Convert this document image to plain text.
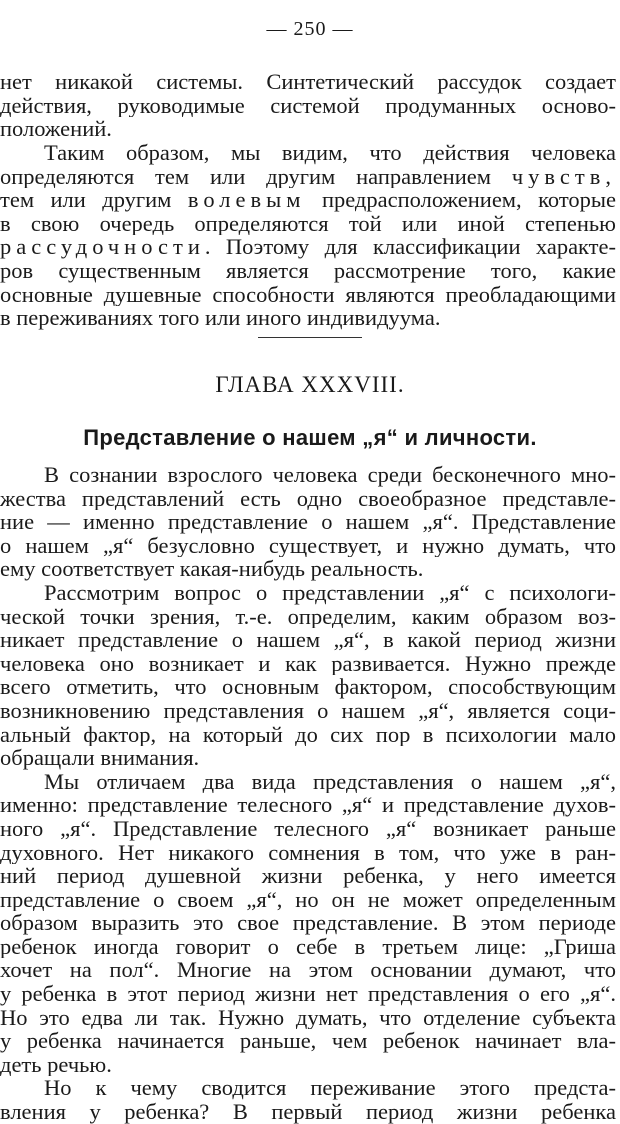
— 250 —
нет никакой системы. Синтетический рассудок создает
действия, руководимые системой продуманных осново-
положений.
Таким образом, мы видим, что действия человека
определяются тем или другим направлением чувств,
тем или другим волевым предрасположением, которые
в свою очередь определяются той или иной степенью
рассудочности. Поэтому для классификации характе-
ров существенным является рассмотрение того, какие
основные душевные способности являются преобладающими
в переживаниях того или иного индивидуума.
ГЛАВА XXXVIII.
Представление о нашем „я“ и личности.
В сознании взрослого человека среди бесконечного мно-
жества представлений есть одно своеобразное представле-
ние — именно представление о нашем „я“. Представление
о нашем „я“ безусловно существует, и нужно думать, что
ему соответствует какая-нибудь реальность.
Рассмотрим вопрос о представлении „я“ с психологи-
ческой точки зрения, т.-е. определим, каким образом воз-
никает представление о нашем „я“, в какой период жизни
человека оно возникает и как развивается. Нужно прежде
всего отметить, что основным фактором, способствующим
возникновению представления о нашем „я“, является соци-
альный фактор, на который до сих пор в психологии мало
обращали внимания.
Мы отличаем два вида представления о нашем „я“,
именно: представление телесного „я“ и представление духов-
ного „я“. Представление телесного „я“ возникает раньше
духовного. Нет никакого сомнения в том, что уже в ран-
ний период душевной жизни ребенка, у него имеется
представление о своем „я“, но он не может определенным
образом выразить это свое представление. В этом периоде
ребенок иногда говорит о себе в третьем лице: „Гриша
хочет на пол“. Многие на этом основании думают, что
у ребенка в этот период жизни нет представления о его „я“.
Но это едва ли так. Нужно думать, что отделение субъекта
у ребенка начинается раньше, чем ребенок начинает вла-
деть речью.
Но к чему сводится переживание этого предста-
вления у ребенка? В первый период жизни ребенка
